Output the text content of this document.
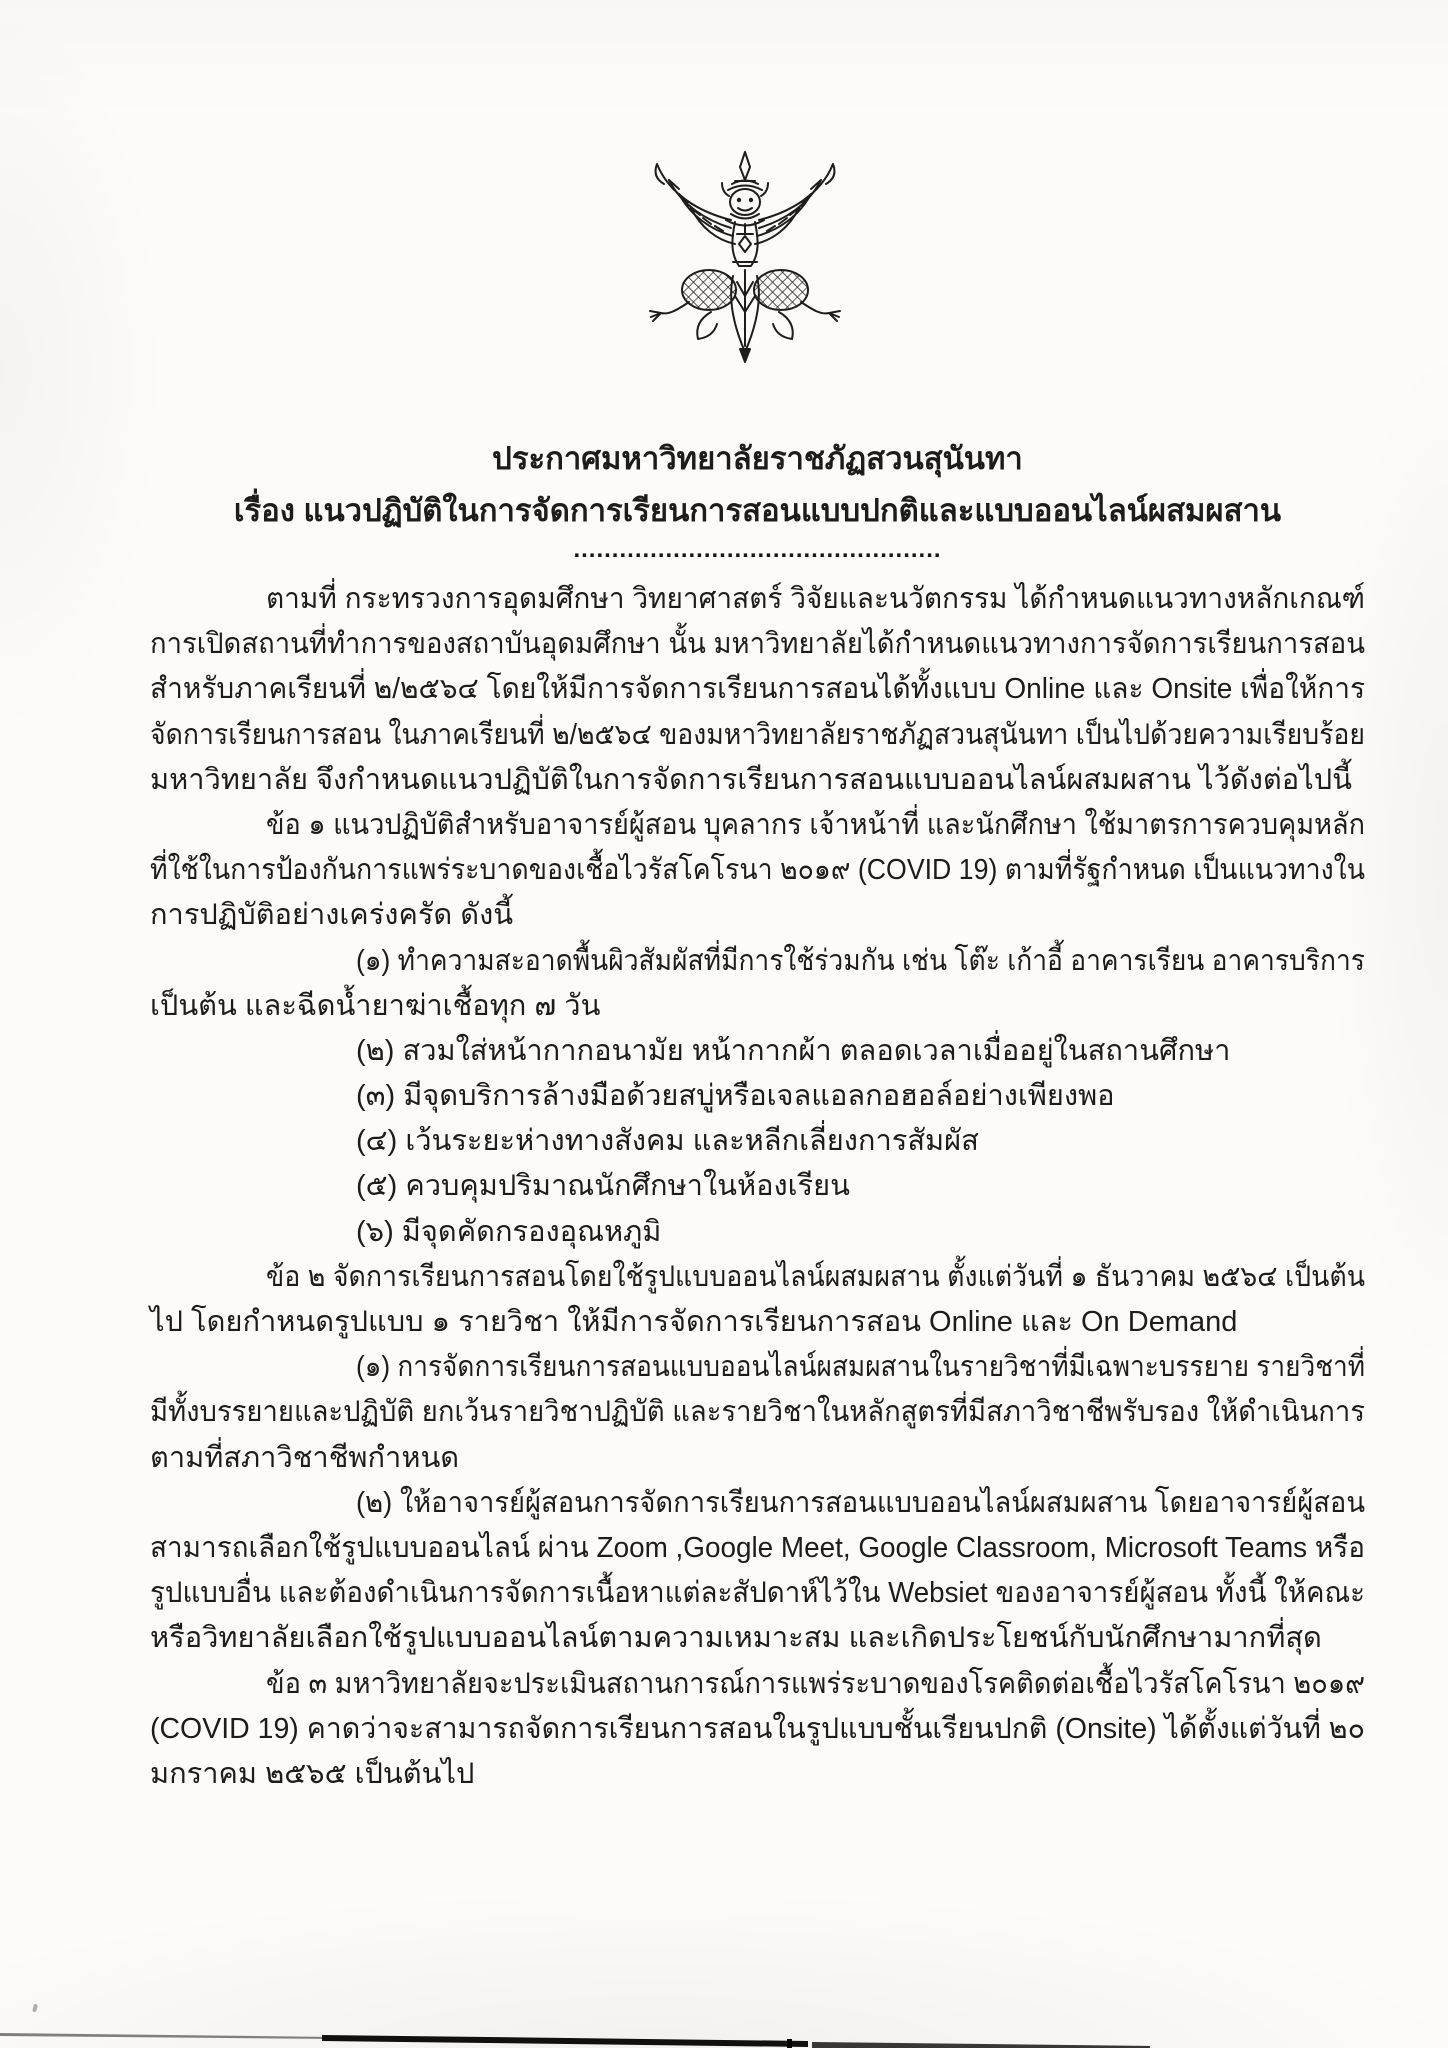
ประกาศมหาวิทยาลัยราชภัฏสวนสุนันทา
เรื่อง แนวปฏิบัติในการจัดการเรียนการสอนแบบปกติและแบบออนไลน์ผสมผสาน
................................................
ตามที่ กระทรวงการอุดมศึกษา วิทยาศาสตร์ วิจัยและนวัตกรรม ได้กำหนดแนวทางหลักเกณฑ์
การเปิดสถานที่ทำการของสถาบันอุดมศึกษา นั้น มหาวิทยาลัยได้กำหนดแนวทางการจัดการเรียนการสอน
สำหรับภาคเรียนที่ ๒/๒๕๖๔ โดยให้มีการจัดการเรียนการสอนได้ทั้งแบบ Online และ Onsite เพื่อให้การ
จัดการเรียนการสอน ในภาคเรียนที่ ๒/๒๕๖๔ ของมหาวิทยาลัยราชภัฏสวนสุนันทา เป็นไปด้วยความเรียบร้อย
มหาวิทยาลัย จึงกำหนดแนวปฏิบัติในการจัดการเรียนการสอนแบบออนไลน์ผสมผสาน ไว้ดังต่อไปนี้
ข้อ ๑ แนวปฏิบัติสำหรับอาจารย์ผู้สอน บุคลากร เจ้าหน้าที่ และนักศึกษา ใช้มาตรการควบคุมหลัก
ที่ใช้ในการป้องกันการแพร่ระบาดของเชื้อไวรัสโคโรนา ๒๐๑๙ (COVID 19) ตามที่รัฐกำหนด เป็นแนวทางใน
การปฏิบัติอย่างเคร่งครัด ดังนี้
(๑) ทำความสะอาดพื้นผิวสัมผัสที่มีการใช้ร่วมกัน เช่น โต๊ะ เก้าอี้ อาคารเรียน อาคารบริการ
เป็นต้น และฉีดน้ำยาฆ่าเชื้อทุก ๗ วัน
(๒) สวมใส่หน้ากากอนามัย หน้ากากผ้า ตลอดเวลาเมื่ออยู่ในสถานศึกษา
(๓) มีจุดบริการล้างมือด้วยสบู่หรือเจลแอลกอฮอล์อย่างเพียงพอ
(๔) เว้นระยะห่างทางสังคม และหลีกเลี่ยงการสัมผัส
(๕) ควบคุมปริมาณนักศึกษาในห้องเรียน
(๖) มีจุดคัดกรองอุณหภูมิ
ข้อ ๒ จัดการเรียนการสอนโดยใช้รูปแบบออนไลน์ผสมผสาน ตั้งแต่วันที่ ๑ ธันวาคม ๒๕๖๔ เป็นต้น
ไป โดยกำหนดรูปแบบ ๑ รายวิชา ให้มีการจัดการเรียนการสอน Online และ On Demand
(๑) การจัดการเรียนการสอนแบบออนไลน์ผสมผสานในรายวิชาที่มีเฉพาะบรรยาย รายวิชาที่
มีทั้งบรรยายและปฏิบัติ ยกเว้นรายวิชาปฏิบัติ และรายวิชาในหลักสูตรที่มีสภาวิชาชีพรับรอง ให้ดำเนินการ
ตามที่สภาวิชาชีพกำหนด
(๒) ให้อาจารย์ผู้สอนการจัดการเรียนการสอนแบบออนไลน์ผสมผสาน โดยอาจารย์ผู้สอน
สามารถเลือกใช้รูปแบบออนไลน์ ผ่าน Zoom ,Google Meet, Google Classroom, Microsoft Teams หรือ
รูปแบบอื่น และต้องดำเนินการจัดการเนื้อหาแต่ละสัปดาห์ไว้ใน Websiet ของอาจารย์ผู้สอน ทั้งนี้ ให้คณะ
หรือวิทยาลัยเลือกใช้รูปแบบออนไลน์ตามความเหมาะสม และเกิดประโยชน์กับนักศึกษามากที่สุด
ข้อ ๓ มหาวิทยาลัยจะประเมินสถานการณ์การแพร่ระบาดของโรคติดต่อเชื้อไวรัสโคโรนา ๒๐๑๙
(COVID 19) คาดว่าจะสามารถจัดการเรียนการสอนในรูปแบบชั้นเรียนปกติ (Onsite) ได้ตั้งแต่วันที่ ๒๐
มกราคม ๒๕๖๕ เป็นต้นไป
